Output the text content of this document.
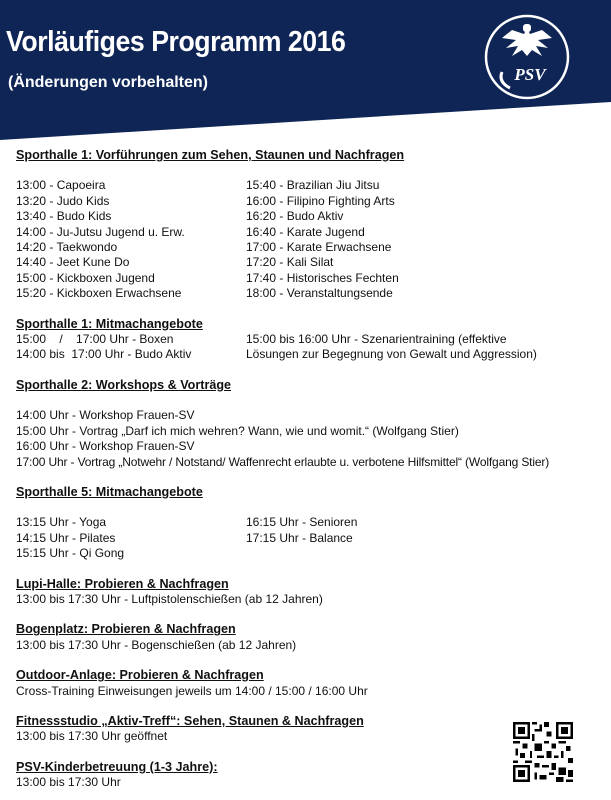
Vorläufiges Programm 2016
(Änderungen vorbehalten)	PSV
Sporthalle 1: Vorführungen zum Sehen, Staunen und Nachfragen
13:00 - Capoeira
13:20 - Judo Kids
13:40 - Budo Kids
14:00 - Ju-Jutsu Jugend u. Erw.
14:20 - Taekwondo
14:40 - Jeet Kune Do
15:00 - Kickboxen Jugend
15:20 - Kickboxen Erwachsene
15:40 - Brazilian Jiu Jitsu
16:00 - Filipino Fighting Arts
16:20 - Budo Aktiv
16:40 - Karate Jugend
17:00 - Karate Erwachsene
17:20 - Kali Silat
17:40 - Historisches Fechten
18:00 - Veranstaltungsende
Sporthalle 1: Mitmachangebote
15:00    /    17:00 Uhr - Boxen
14:00 bis  17:00 Uhr - Budo Aktiv
15:00 bis 16:00 Uhr - Szenarientraining (effektive
Lösungen zur Begegnung von Gewalt und Aggression)
Sporthalle 2: Workshops & Vorträge
14:00 Uhr - Workshop Frauen-SV
15:00 Uhr - Vortrag „Darf ich mich wehren? Wann, wie und womit.“ (Wolfgang Stier)
16:00 Uhr - Workshop Frauen-SV
17:00 Uhr - Vortrag „Notwehr / Notstand/ Waffenrecht erlaubte u. verbotene Hilfsmittel“ (Wolfgang Stier)
Sporthalle 5: Mitmachangebote
13:15 Uhr - Yoga
14:15 Uhr - Pilates
15:15 Uhr - Qi Gong
16:15 Uhr - Senioren
17:15 Uhr - Balance
Lupi-Halle: Probieren & Nachfragen
13:00 bis 17:30 Uhr - Luftpistolenschießen (ab 12 Jahren)
Bogenplatz: Probieren & Nachfragen
13:00 bis 17:30 Uhr - Bogenschießen (ab 12 Jahren)
Outdoor-Anlage: Probieren & Nachfragen
Cross-Training Einweisungen jeweils um 14:00 / 15:00 / 16:00 Uhr
Fitnessstudio „Aktiv-Treff“: Sehen, Staunen & Nachfragen
13:00 bis 17:30 Uhr geöffnet
PSV-Kinderbetreuung (1-3 Jahre):
13:00 bis 17:30 Uhr
